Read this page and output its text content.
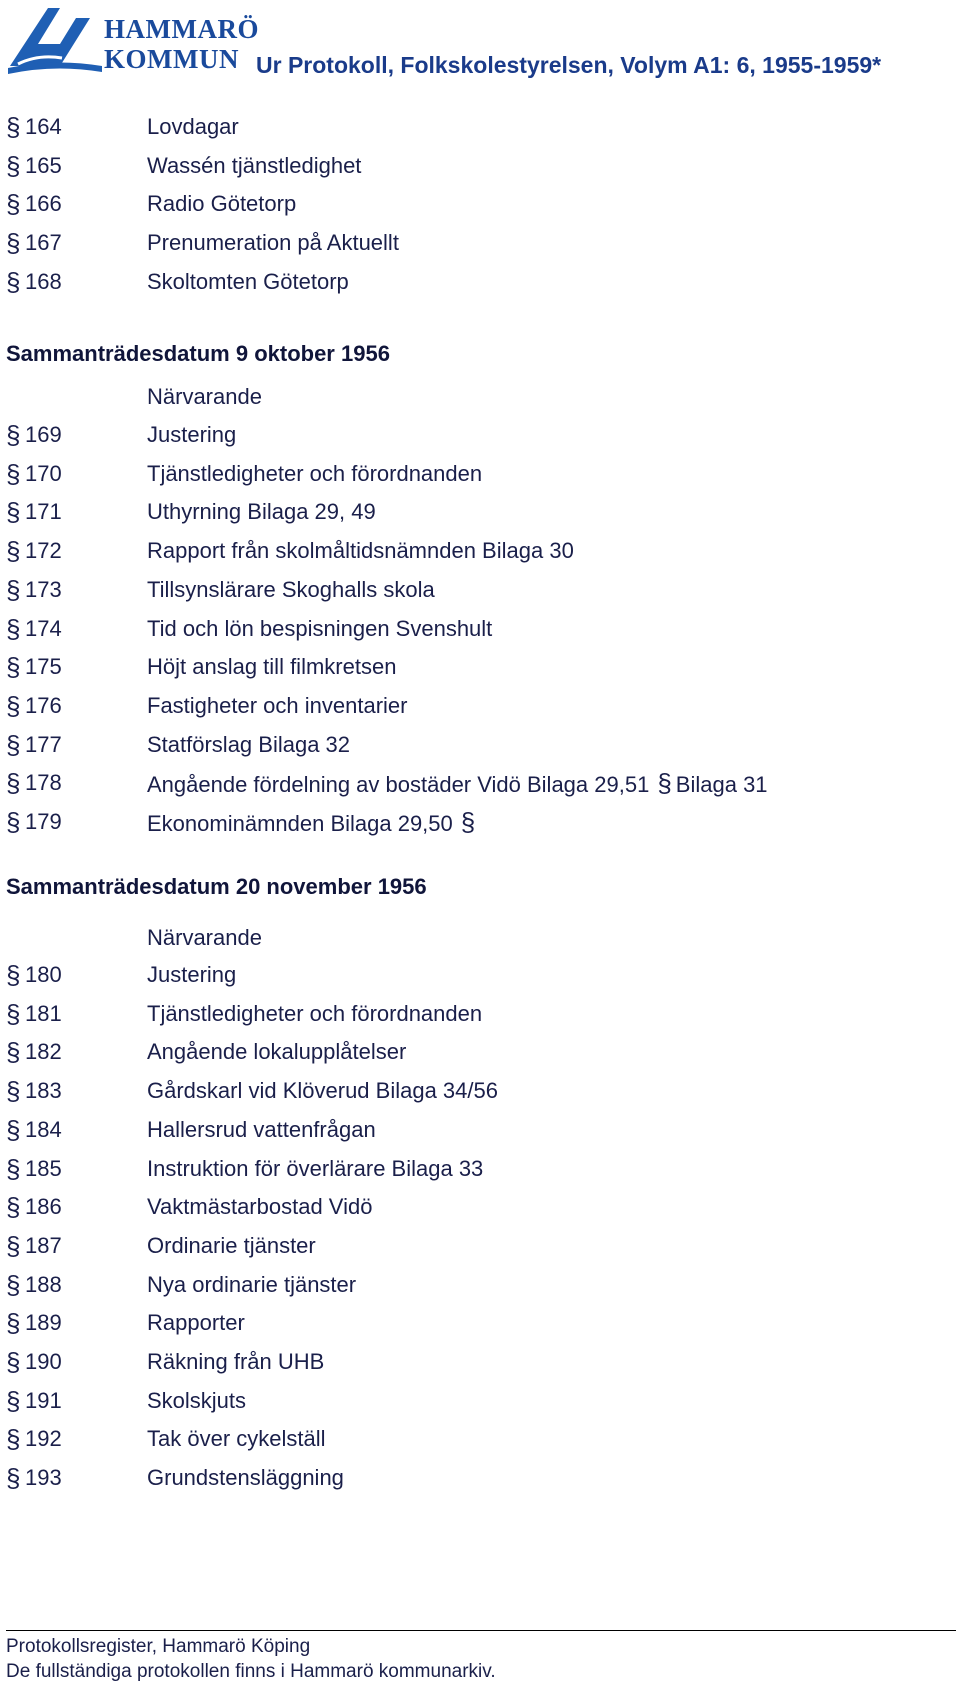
HAMMARÖ
KOMMUN Ur Protokoll, Folkskolestyrelsen, Volym A1: 6, 1955-1959*
§ 164	Lovdagar
§ 165	Wassén tjänstledighet
§ 166	Radio Götetorp
§ 167	Prenumeration på Aktuellt
§ 168	Skoltomten Götetorp
Sammanträdesdatum 9 oktober 1956
Närvarande
§ 169	Justering
§ 170	Tjänstledigheter och förordnanden
§ 171	Uthyrning Bilaga 29, 49
§ 172	Rapport från skolmåltidsnämnden Bilaga 30
§ 173	Tillsynslärare Skoghalls skola
§ 174	Tid och lön bespisningen Svenshult
§ 175	Höjt anslag till filmkretsen
§ 176	Fastigheter och inventarier
§ 177	Statförslag Bilaga 32
§ 178	Angående fördelning av bostäder Vidö Bilaga 29,51 § Bilaga 31
§ 179	Ekonominämnden Bilaga 29,50 §
Sammanträdesdatum 20 november 1956
Närvarande
§ 180	Justering
§ 181	Tjänstledigheter och förordnanden
§ 182	Angående lokalupplåtelser
§ 183	Gårdskarl vid Klöverud Bilaga 34/56
§ 184	Hallersrud vattenfrågan
§ 185	Instruktion för överlärare Bilaga 33
§ 186	Vaktmästarbostad Vidö
§ 187	Ordinarie tjänster
§ 188	Nya ordinarie tjänster
§ 189	Rapporter
§ 190	Räkning från UHB
§ 191	Skolskjuts
§ 192	Tak över cykelställ
§ 193	Grundstensläggning
Protokollsregister, Hammarö Köping
De fullständiga protokollen finns i Hammarö kommunarkiv.
